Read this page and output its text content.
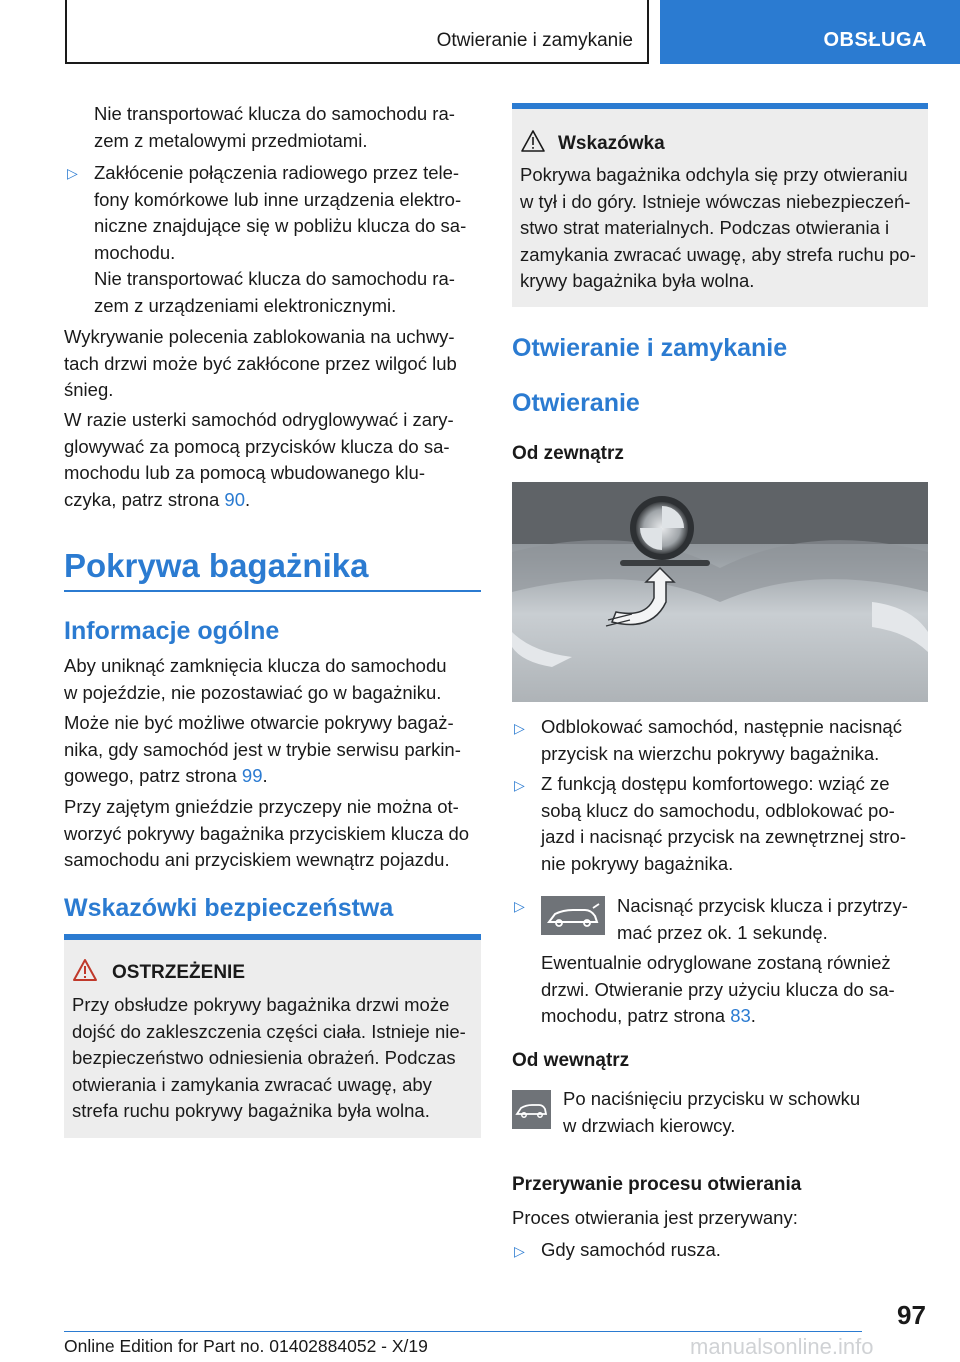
Otwieranie i zamykanie	OBSŁUGA
Nie transportować klucza do samochodu ra-
zem z metalowymi przedmiotami.
▷ Zakłócenie połączenia radiowego przez tele-
fony komórkowe lub inne urządzenia elektro-
niczne znajdujące się w pobliżu klucza do sa-
mochodu.
Nie transportować klucza do samochodu ra-
zem z urządzeniami elektronicznymi.
Wykrywanie polecenia zablokowania na uchwy-
tach drzwi może być zakłócone przez wilgoć lub
śnieg.
W razie usterki samochód odryglowywać i zary-
glowywać za pomocą przycisków klucza do sa-
mochodu lub za pomocą wbudowanego klu-
czyka, patrz strona 90.
Pokrywa bagażnika
Informacje ogólne
Aby uniknąć zamknięcia klucza do samochodu
w pojeździe, nie pozostawiać go w bagażniku.
Może nie być możliwe otwarcie pokrywy bagaż-
nika, gdy samochód jest w trybie serwisu parkin-
gowego, patrz strona 99.
Przy zajętym gnieździe przyczepy nie można ot-
worzyć pokrywy bagażnika przyciskiem klucza do
samochodu ani przyciskiem wewnątrz pojazdu.
Wskazówki bezpieczeństwa
OSTRZEŻENIE
Przy obsłudze pokrywy bagażnika drzwi może
dojść do zakleszczenia części ciała. Istnieje nie-
bezpieczeństwo odniesienia obrażeń. Podczas
otwierania i zamykania zwracać uwagę, aby
strefa ruchu pokrywy bagażnika była wolna.
Wskazówka
Pokrywa bagażnika odchyla się przy otwieraniu
w tył i do góry. Istnieje wówczas niebezpieczeń-
stwo strat materialnych. Podczas otwierania i
zamykania zwracać uwagę, aby strefa ruchu po-
krywy bagażnika była wolna.
Otwieranie i zamykanie
Otwieranie
Od zewnątrz
▷ Odblokować samochód, następnie nacisnąć
przycisk na wierzchu pokrywy bagażnika.
▷ Z funkcją dostępu komfortowego: wziąć ze
sobą klucz do samochodu, odblokować po-
jazd i nacisnąć przycisk na zewnętrznej stro-
nie pokrywy bagażnika.
▷	Nacisnąć przycisk klucza i przytrzy-
mać przez ok. 1 sekundę.
Ewentualnie odryglowane zostaną również
drzwi. Otwieranie przy użyciu klucza do sa-
mochodu, patrz strona 83.
Od wewnątrz
Po naciśnięciu przycisku w schowku
w drzwiach kierowcy.
Przerywanie procesu otwierania
Proces otwierania jest przerywany:
▷ Gdy samochód rusza.
97
Online Edition for Part no. 01402884052 - X/19	manualsonline.info
